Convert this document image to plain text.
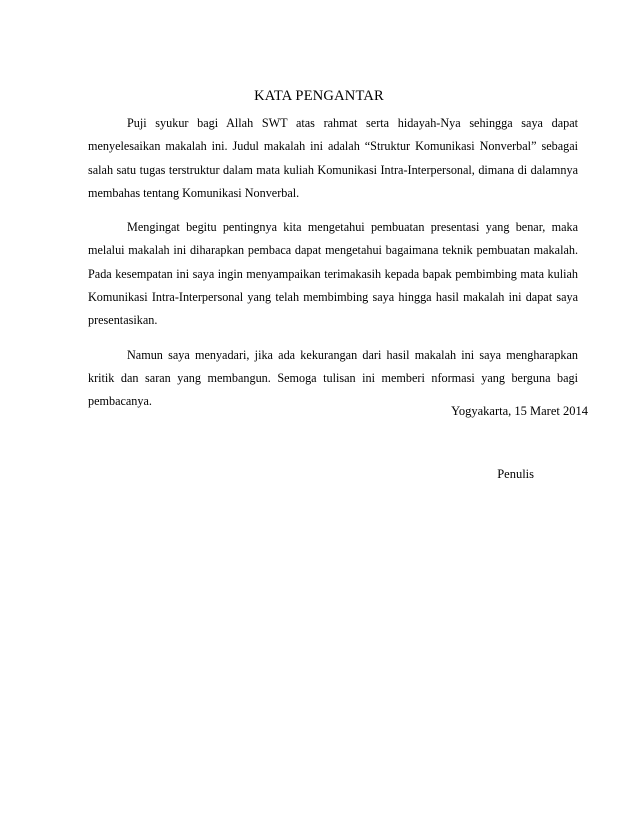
KATA PENGANTAR

Puji syukur bagi Allah SWT atas rahmat serta hidayah-Nya sehingga saya dapat menyelesaikan makalah ini. Judul makalah ini adalah “Struktur Komunikasi Nonverbal” sebagai salah satu tugas terstruktur dalam mata kuliah Komunikasi Intra-Interpersonal, dimana di dalamnya membahas tentang Komunikasi Nonverbal.

Mengingat begitu pentingnya kita mengetahui pembuatan presentasi yang benar, maka melalui makalah ini diharapkan pembaca dapat mengetahui bagaimana teknik pembuatan makalah. Pada kesempatan ini saya ingin menyampaikan terimakasih kepada bapak pembimbing mata kuliah Komunikasi Intra-Interpersonal yang telah membimbing saya hingga hasil makalah ini dapat saya presentasikan.

Namun saya menyadari, jika ada kekurangan dari hasil makalah ini saya mengharapkan kritik dan saran yang membangun. Semoga tulisan ini memberi nformasi yang berguna bagi pembacanya.

Yogyakarta, 15 Maret 2014

Penulis
